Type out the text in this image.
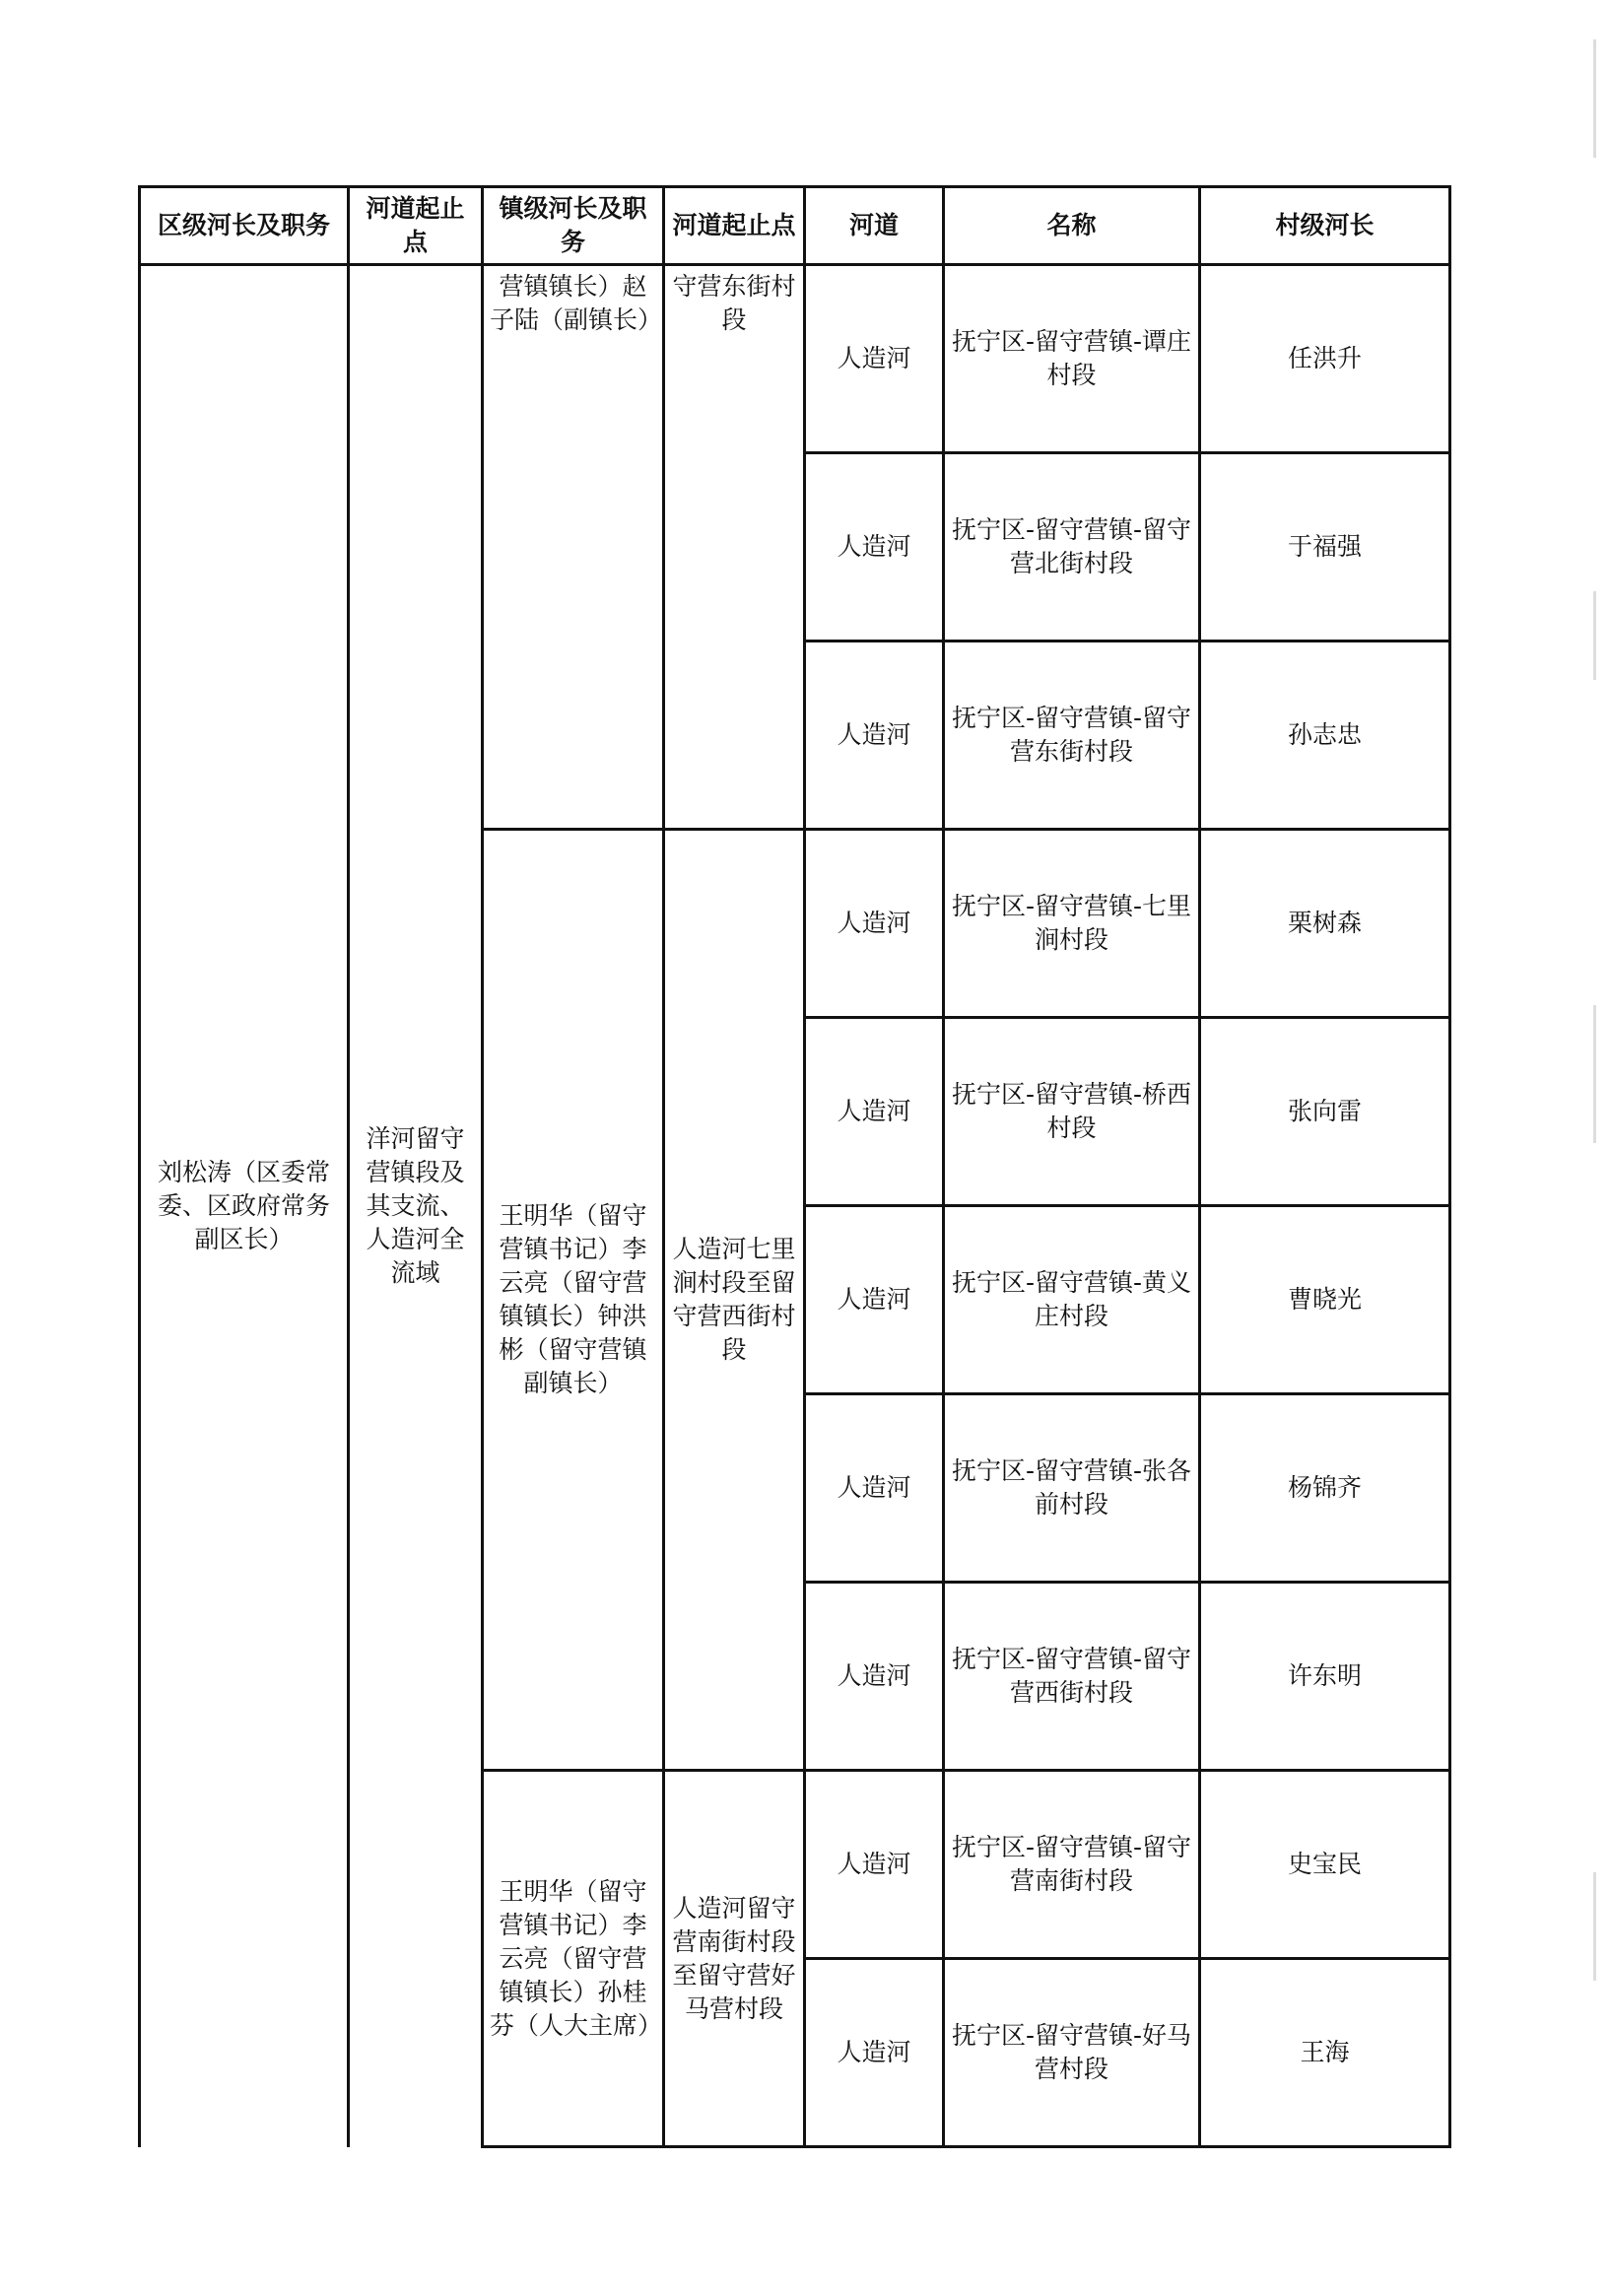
区级河长及职务	河道起止点	镇级河长及职务	河道起止点	河道	名称	村级河长
刘松涛（区委常委、区政府常务副区长）	洋河留守营镇段及其支流、人造河全流域	营镇镇长）赵子陆（副镇长）	守营东街村段	人造河	抚宁区-留守营镇-谭庄村段	任洪升
				人造河	抚宁区-留守营镇-留守营北街村段	于福强
				人造河	抚宁区-留守营镇-留守营东街村段	孙志忠
		王明华（留守营镇书记）李云亮（留守营镇镇长）钟洪彬（留守营镇副镇长）	人造河七里涧村段至留守营西街村段	人造河	抚宁区-留守营镇-七里涧村段	栗树森
				人造河	抚宁区-留守营镇-桥西村段	张向雷
				人造河	抚宁区-留守营镇-黄义庄村段	曹晓光
				人造河	抚宁区-留守营镇-张各前村段	杨锦齐
				人造河	抚宁区-留守营镇-留守营西街村段	许东明
		王明华（留守营镇书记）李云亮（留守营镇镇长）孙桂芬（人大主席）	人造河留守营南街村段至留守营好马营村段	人造河	抚宁区-留守营镇-留守营南街村段	史宝民
				人造河	抚宁区-留守营镇-好马营村段	王海
